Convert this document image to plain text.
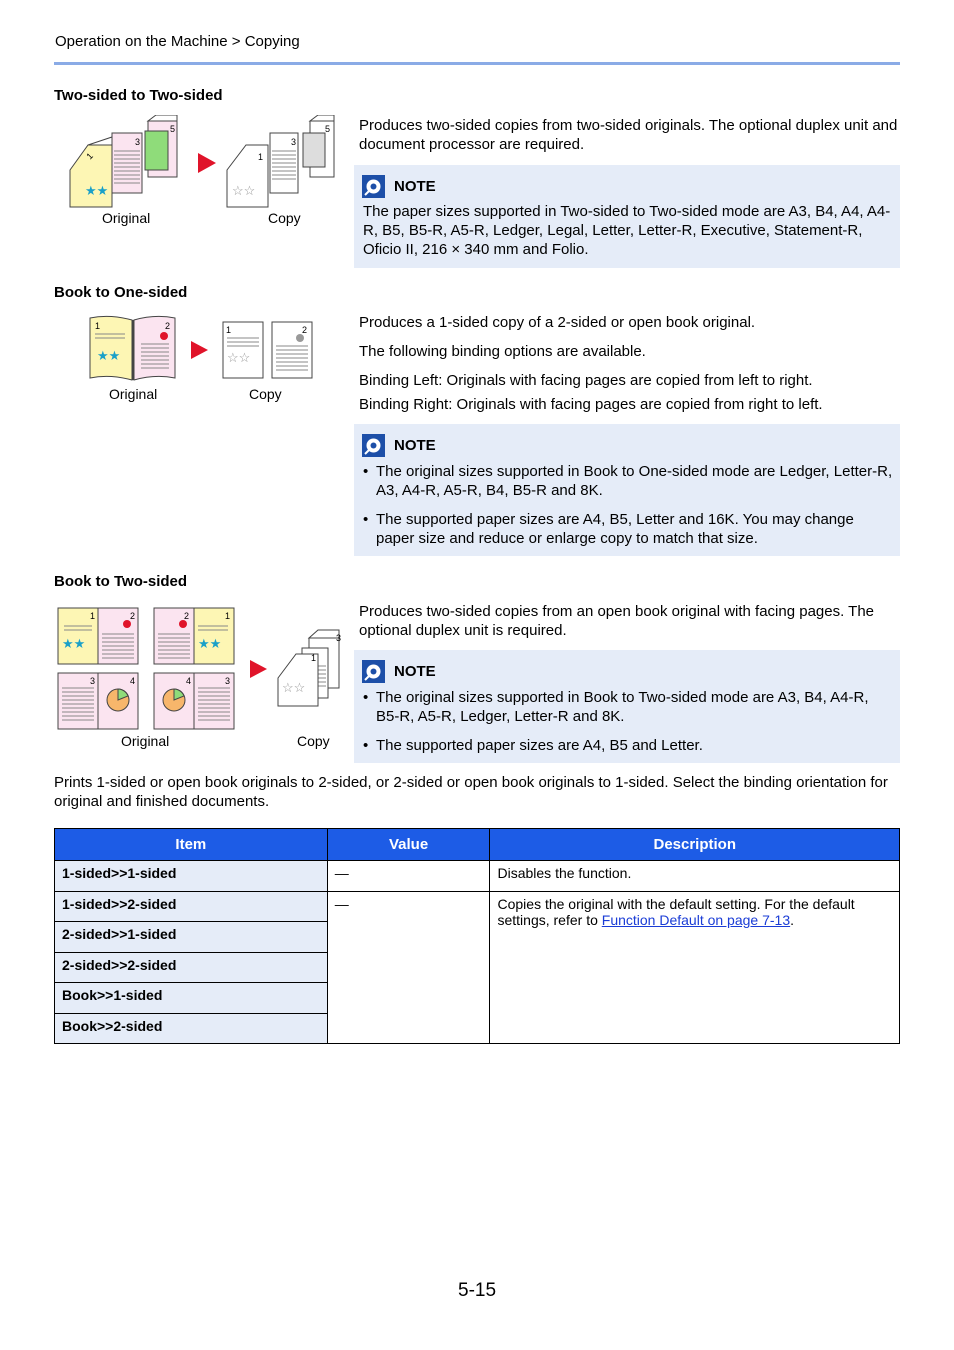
Operation on the Machine > Copying
Two-sided to Two-sided
★★
5
3
1
☆☆
5
3
1
Original	Copy
Produces two-sided copies from two-sided originals. The optional duplex unit and document processor are required.
NOTE
The paper sizes supported in Two-sided to Two-sided mode are A3, B4, A4, A4-R, B5, B5-R, A5-R, Ledger, Legal, Letter, Letter-R, Executive, Statement-R, Oficio II, 216 × 340 mm and Folio.
Book to One-sided
★★
1	2
☆☆
1	2
Original	Copy
Produces a 1-sided copy of a 2-sided or open book original.
The following binding options are available.
Binding Left: Originals with facing pages are copied from left to right.
Binding Right: Originals with facing pages are copied from right to left.
NOTE
• The original sizes supported in Book to One-sided mode are Ledger, Letter-R, A3, A4-R, A5-R, B4, B5-R and 8K.
• The supported paper sizes are A4, B5, Letter and 16K. You may change paper size and reduce or enlarge copy to match that size.
Book to Two-sided
★★
1	2
★★
2	1
3	4	4	3	☆☆
1
3
Original	Copy
Produces two-sided copies from an open book original with facing pages. The optional duplex unit is required.
NOTE
• The original sizes supported in Book to Two-sided mode are A3, B4, A4-R, B5-R, A5-R, Ledger, Letter-R and 8K.
• The supported paper sizes are A4, B5 and Letter.
Prints 1-sided or open book originals to 2-sided, or 2-sided or open book originals to 1-sided. Select the binding orientation for original and finished documents.
Item	Value	Description
1-sided>>1-sided	—	Disables the function.
1-sided>>2-sided	—	Copies the original with the default setting. For the default settings, refer to Function Default on page 7-13.
2-sided>>1-sided		
2-sided>>2-sided		
Book>>1-sided		
Book>>2-sided		
5-15
